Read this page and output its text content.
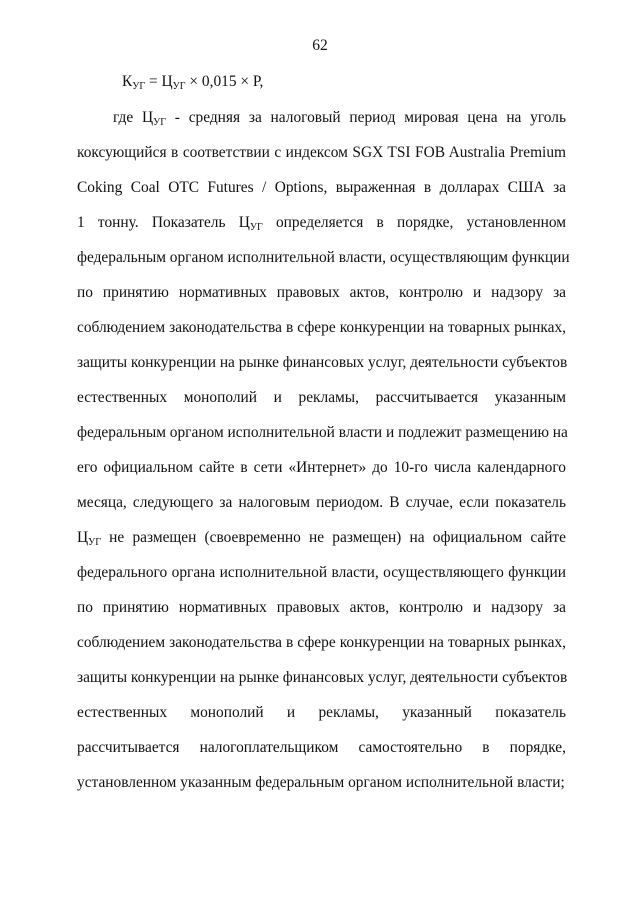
62
$К_{УГ} = Ц_{УГ} \times 0,015 \times Р$,
где $Ц_{УГ}$ - средняя за налоговый период мировая цена на уголь
коксующийся в соответствии с индексом SGX TSI FOB Australia Premium
Coking Coal OTC Futures / Options, выраженная в долларах США за
1 тонну. Показатель $Ц_{УГ}$ определяется в порядке, установленном
федеральным органом исполнительной власти, осуществляющим функции
по принятию нормативных правовых актов, контролю и надзору за
соблюдением законодательства в сфере конкуренции на товарных рынках,
защиты конкуренции на рынке финансовых услуг, деятельности субъектов
естественных монополий и рекламы, рассчитывается указанным
федеральным органом исполнительной власти и подлежит размещению на
его официальном сайте в сети «Интернет» до 10-го числа календарного
месяца, следующего за налоговым периодом. В случае, если показатель
$Ц_{УГ}$ не размещен (своевременно не размещен) на официальном сайте
федерального органа исполнительной власти, осуществляющего функции
по принятию нормативных правовых актов, контролю и надзору за
соблюдением законодательства в сфере конкуренции на товарных рынках,
защиты конкуренции на рынке финансовых услуг, деятельности субъектов
естественных монополий и рекламы, указанный показатель
рассчитывается налогоплательщиком самостоятельно в порядке,
установленном указанным федеральным органом исполнительной власти;
